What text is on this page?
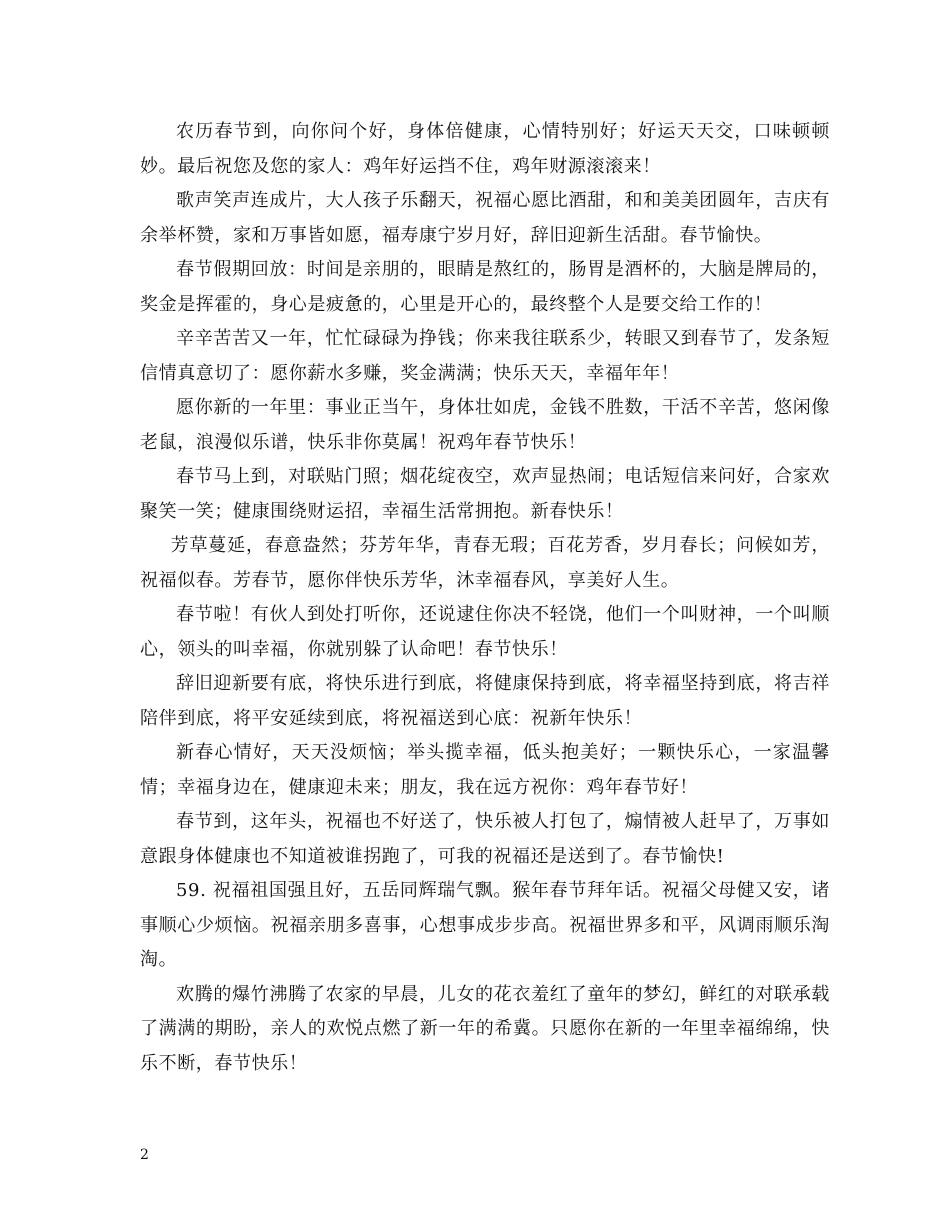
农历春节到，向你问个好，身体倍健康，心情特别好；好运天天交，口味顿顿妙。最后祝您及您的家人：鸡年好运挡不住，鸡年财源滚滚来！

歌声笑声连成片，大人孩子乐翻天，祝福心愿比酒甜，和和美美团圆年，吉庆有余举杯赞，家和万事皆如愿，福寿康宁岁月好，辞旧迎新生活甜。春节愉快。

春节假期回放：时间是亲朋的，眼睛是熬红的，肠胃是酒杯的，大脑是牌局的，奖金是挥霍的，身心是疲惫的，心里是开心的，最终整个人是要交给工作的！

辛辛苦苦又一年，忙忙碌碌为挣钱；你来我往联系少，转眼又到春节了，发条短信情真意切了：愿你薪水多赚，奖金满满；快乐天天，幸福年年！

愿你新的一年里：事业正当午，身体壮如虎，金钱不胜数，干活不辛苦，悠闲像老鼠，浪漫似乐谱，快乐非你莫属！祝鸡年春节快乐！

春节马上到，对联贴门照；烟花绽夜空，欢声显热闹；电话短信来问好，合家欢聚笑一笑；健康围绕财运招，幸福生活常拥抱。新春快乐！

芳草蔓延，春意盎然；芬芳年华，青春无瑕；百花芳香，岁月春长；问候如芳，祝福似春。芳春节，愿你伴快乐芳华，沐幸福春风，享美好人生。

春节啦！有伙人到处打听你，还说逮住你决不轻饶，他们一个叫财神，一个叫顺心，领头的叫幸福，你就别躲了认命吧！春节快乐！

辞旧迎新要有底，将快乐进行到底，将健康保持到底，将幸福坚持到底，将吉祥陪伴到底，将平安延续到底，将祝福送到心底：祝新年快乐！

新春心情好，天天没烦恼；举头揽幸福，低头抱美好；一颗快乐心，一家温馨情；幸福身边在，健康迎未来；朋友，我在远方祝你：鸡年春节好！

春节到，这年头，祝福也不好送了，快乐被人打包了，煽情被人赶早了，万事如意跟身体健康也不知道被谁拐跑了，可我的祝福还是送到了。春节愉快!

59. 祝福祖国强且好，五岳同辉瑞气飘。猴年春节拜年话。祝福父母健又安，诸事顺心少烦恼。祝福亲朋多喜事，心想事成步步高。祝福世界多和平，风调雨顺乐淘淘。

欢腾的爆竹沸腾了农家的早晨，儿女的花衣羞红了童年的梦幻，鲜红的对联承载了满满的期盼，亲人的欢悦点燃了新一年的希冀。只愿你在新的一年里幸福绵绵，快乐不断，春节快乐！

2
